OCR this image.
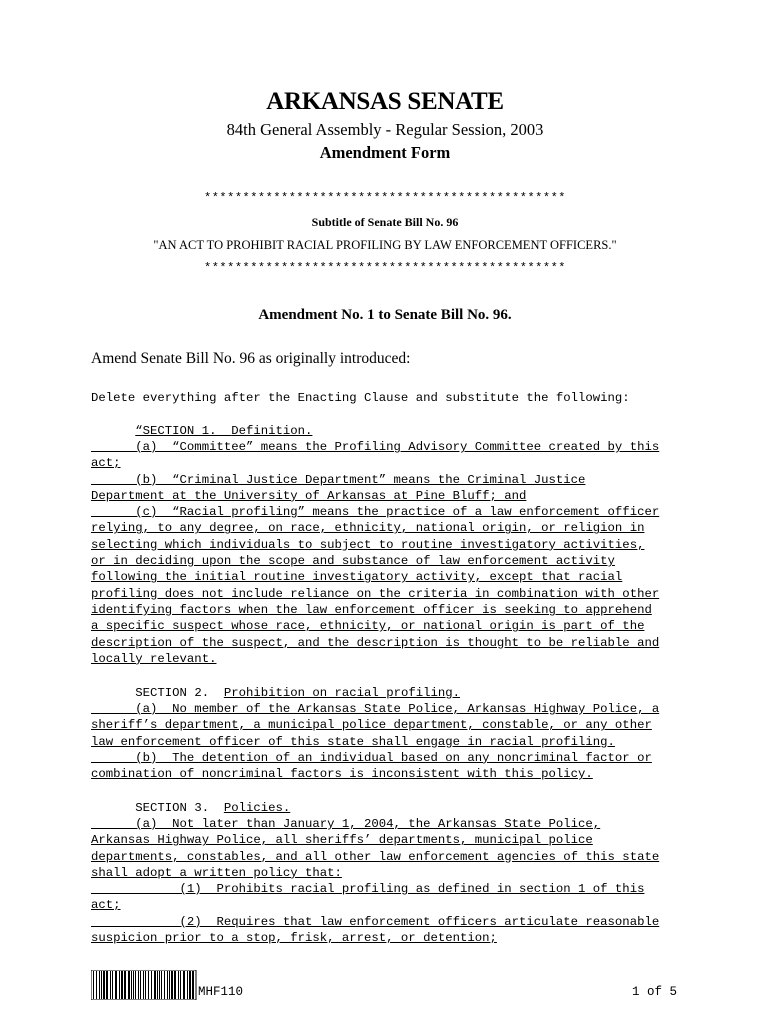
ARKANSAS SENATE
84th General Assembly - Regular Session, 2003
Amendment Form
***********************************************
Subtitle of Senate Bill No. 96
"AN ACT TO PROHIBIT RACIAL PROFILING BY LAW ENFORCEMENT OFFICERS."
***********************************************
Amendment No. 1 to Senate Bill No. 96.
Amend Senate Bill No. 96 as originally introduced:
Delete everything after the Enacting Clause and substitute the following:
“SECTION 1. Definition.
(a)  “Committee” means the Profiling Advisory Committee created by this
act;
(b)  “Criminal Justice Department” means the Criminal Justice
Department at the University of Arkansas at Pine Bluff; and
(c)  “Racial profiling” means the practice of a law enforcement officer
relying, to any degree, on race, ethnicity, national origin, or religion in
selecting which individuals to subject to routine investigatory activities,
or in deciding upon the scope and substance of law enforcement activity
following the initial routine investigatory activity, except that racial
profiling does not include reliance on the criteria in combination with other
identifying factors when the law enforcement officer is seeking to apprehend
a specific suspect whose race, ethnicity, or national origin is part of the
description of the suspect, and the description is thought to be reliable and
locally relevant.
SECTION 2. Prohibition on racial profiling.
(a)  No member of the Arkansas State Police, Arkansas Highway Police, a
sheriff’s department, a municipal police department, constable, or any other
law enforcement officer of this state shall engage in racial profiling.
(b)  The detention of an individual based on any noncriminal factor or
combination of noncriminal factors is inconsistent with this policy.
SECTION 3. Policies.
(a)  Not later than January 1, 2004, the Arkansas State Police,
Arkansas Highway Police, all sheriffs’ departments, municipal police
departments, constables, and all other law enforcement agencies of this state
shall adopt a written policy that:
(1)  Prohibits racial profiling as defined in section 1 of this
act;
(2)  Requires that law enforcement officers articulate reasonable
suspicion prior to a stop, frisk, arrest, or detention;
MHF110	1 of 5
